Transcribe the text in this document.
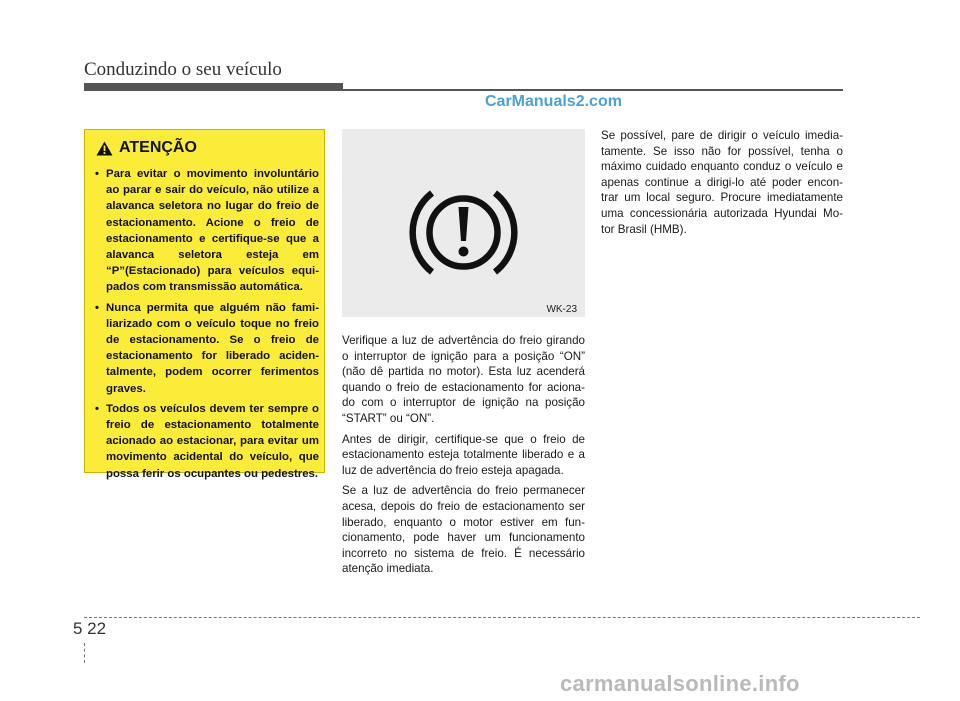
Conduzindo o seu veículo
CarManuals2.com
ATENÇÃO
• Para evitar o movimento involuntário ao parar e sair do veículo, não utilize a alavanca seletora no lugar do freio de estacionamento. Acione o freio de estacionamento e certifique-se que a alavanca seletora esteja em “P”(Estacionado) para veículos equi-pados com transmissão automática.
• Nunca permita que alguém não fami-liarizado com o veículo toque no freio de estacionamento. Se o freio de estacionamento for liberado aciden-talmente, podem ocorrer ferimentos graves.
• Todos os veículos devem ter sempre o freio de estacionamento totalmente acionado ao estacionar, para evitar um movimento acidental do veículo, que possa ferir os ocupantes ou pedestres.
WK-23

Verifique a luz de advertência do freio girando o interruptor de ignição para a posição “ON” (não dê partida no motor). Esta luz acenderá quando o freio de estacionamento for aciona-do com o interruptor de ignição na posição “START” ou “ON”.

Antes de dirigir, certifique-se que o freio de estacionamento esteja totalmente liberado e a luz de advertência do freio esteja apagada.

Se a luz de advertência do freio permanecer acesa, depois do freio de estacionamento ser liberado, enquanto o motor estiver em fun-cionamento, pode haver um funcionamento incorreto no sistema de freio. É necessário atenção imediata.

Se possível, pare de dirigir o veículo imedia-tamente. Se isso não for possível, tenha o máximo cuidado enquanto conduz o veículo e apenas continue a dirigi-lo até poder encon-trar um local seguro. Procure imediatamente uma concessionária autorizada Hyundai Mo-tor Brasil (HMB).

5 22
carmanualsonline.info
